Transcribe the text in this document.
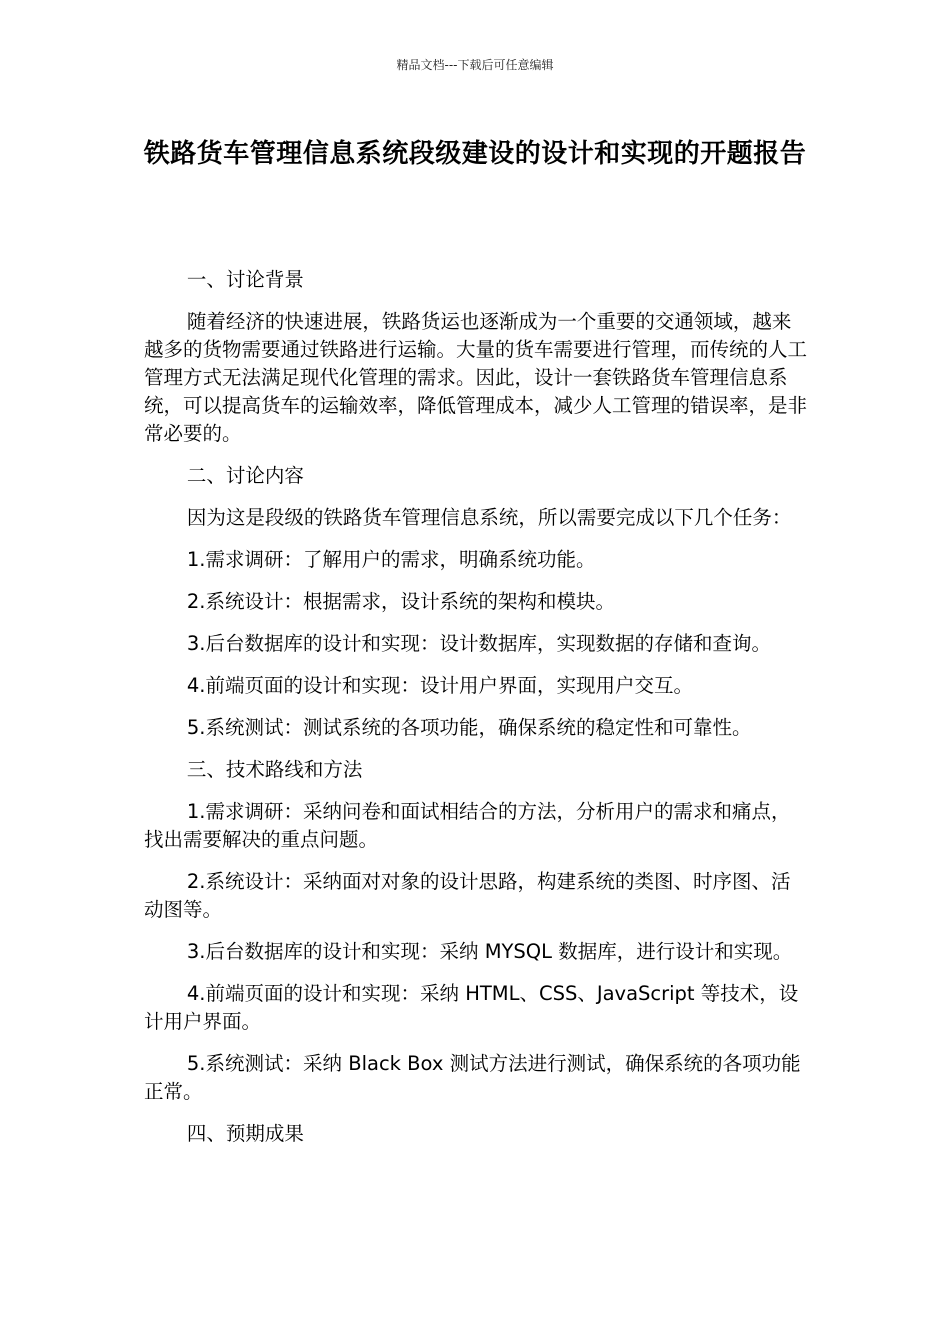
精品文档---下载后可任意编辑
铁路货车管理信息系统段级建设的设计和实现的开题报告

一、讨论背景

随着经济的快速进展，铁路货运也逐渐成为一个重要的交通领域，越来越多的货物需要通过铁路进行运输。大量的货车需要进行管理，而传统的人工管理方式无法满足现代化管理的需求。因此，设计一套铁路货车管理信息系统，可以提高货车的运输效率，降低管理成本，减少人工管理的错误率，是非常必要的。

二、讨论内容

因为这是段级的铁路货车管理信息系统，所以需要完成以下几个任务：

1.需求调研：了解用户的需求，明确系统功能。

2.系统设计：根据需求，设计系统的架构和模块。

3.后台数据库的设计和实现：设计数据库，实现数据的存储和查询。

4.前端页面的设计和实现：设计用户界面，实现用户交互。

5.系统测试：测试系统的各项功能，确保系统的稳定性和可靠性。

三、技术路线和方法

1.需求调研：采纳问卷和面试相结合的方法，分析用户的需求和痛点，找出需要解决的重点问题。

2.系统设计：采纳面对对象的设计思路，构建系统的类图、时序图、活动图等。

3.后台数据库的设计和实现：采纳 MYSQL 数据库，进行设计和实现。

4.前端页面的设计和实现：采纳 HTML、CSS、JavaScript 等技术，设计用户界面。

5.系统测试：采纳 Black Box 测试方法进行测试，确保系统的各项功能正常。

四、预期成果
